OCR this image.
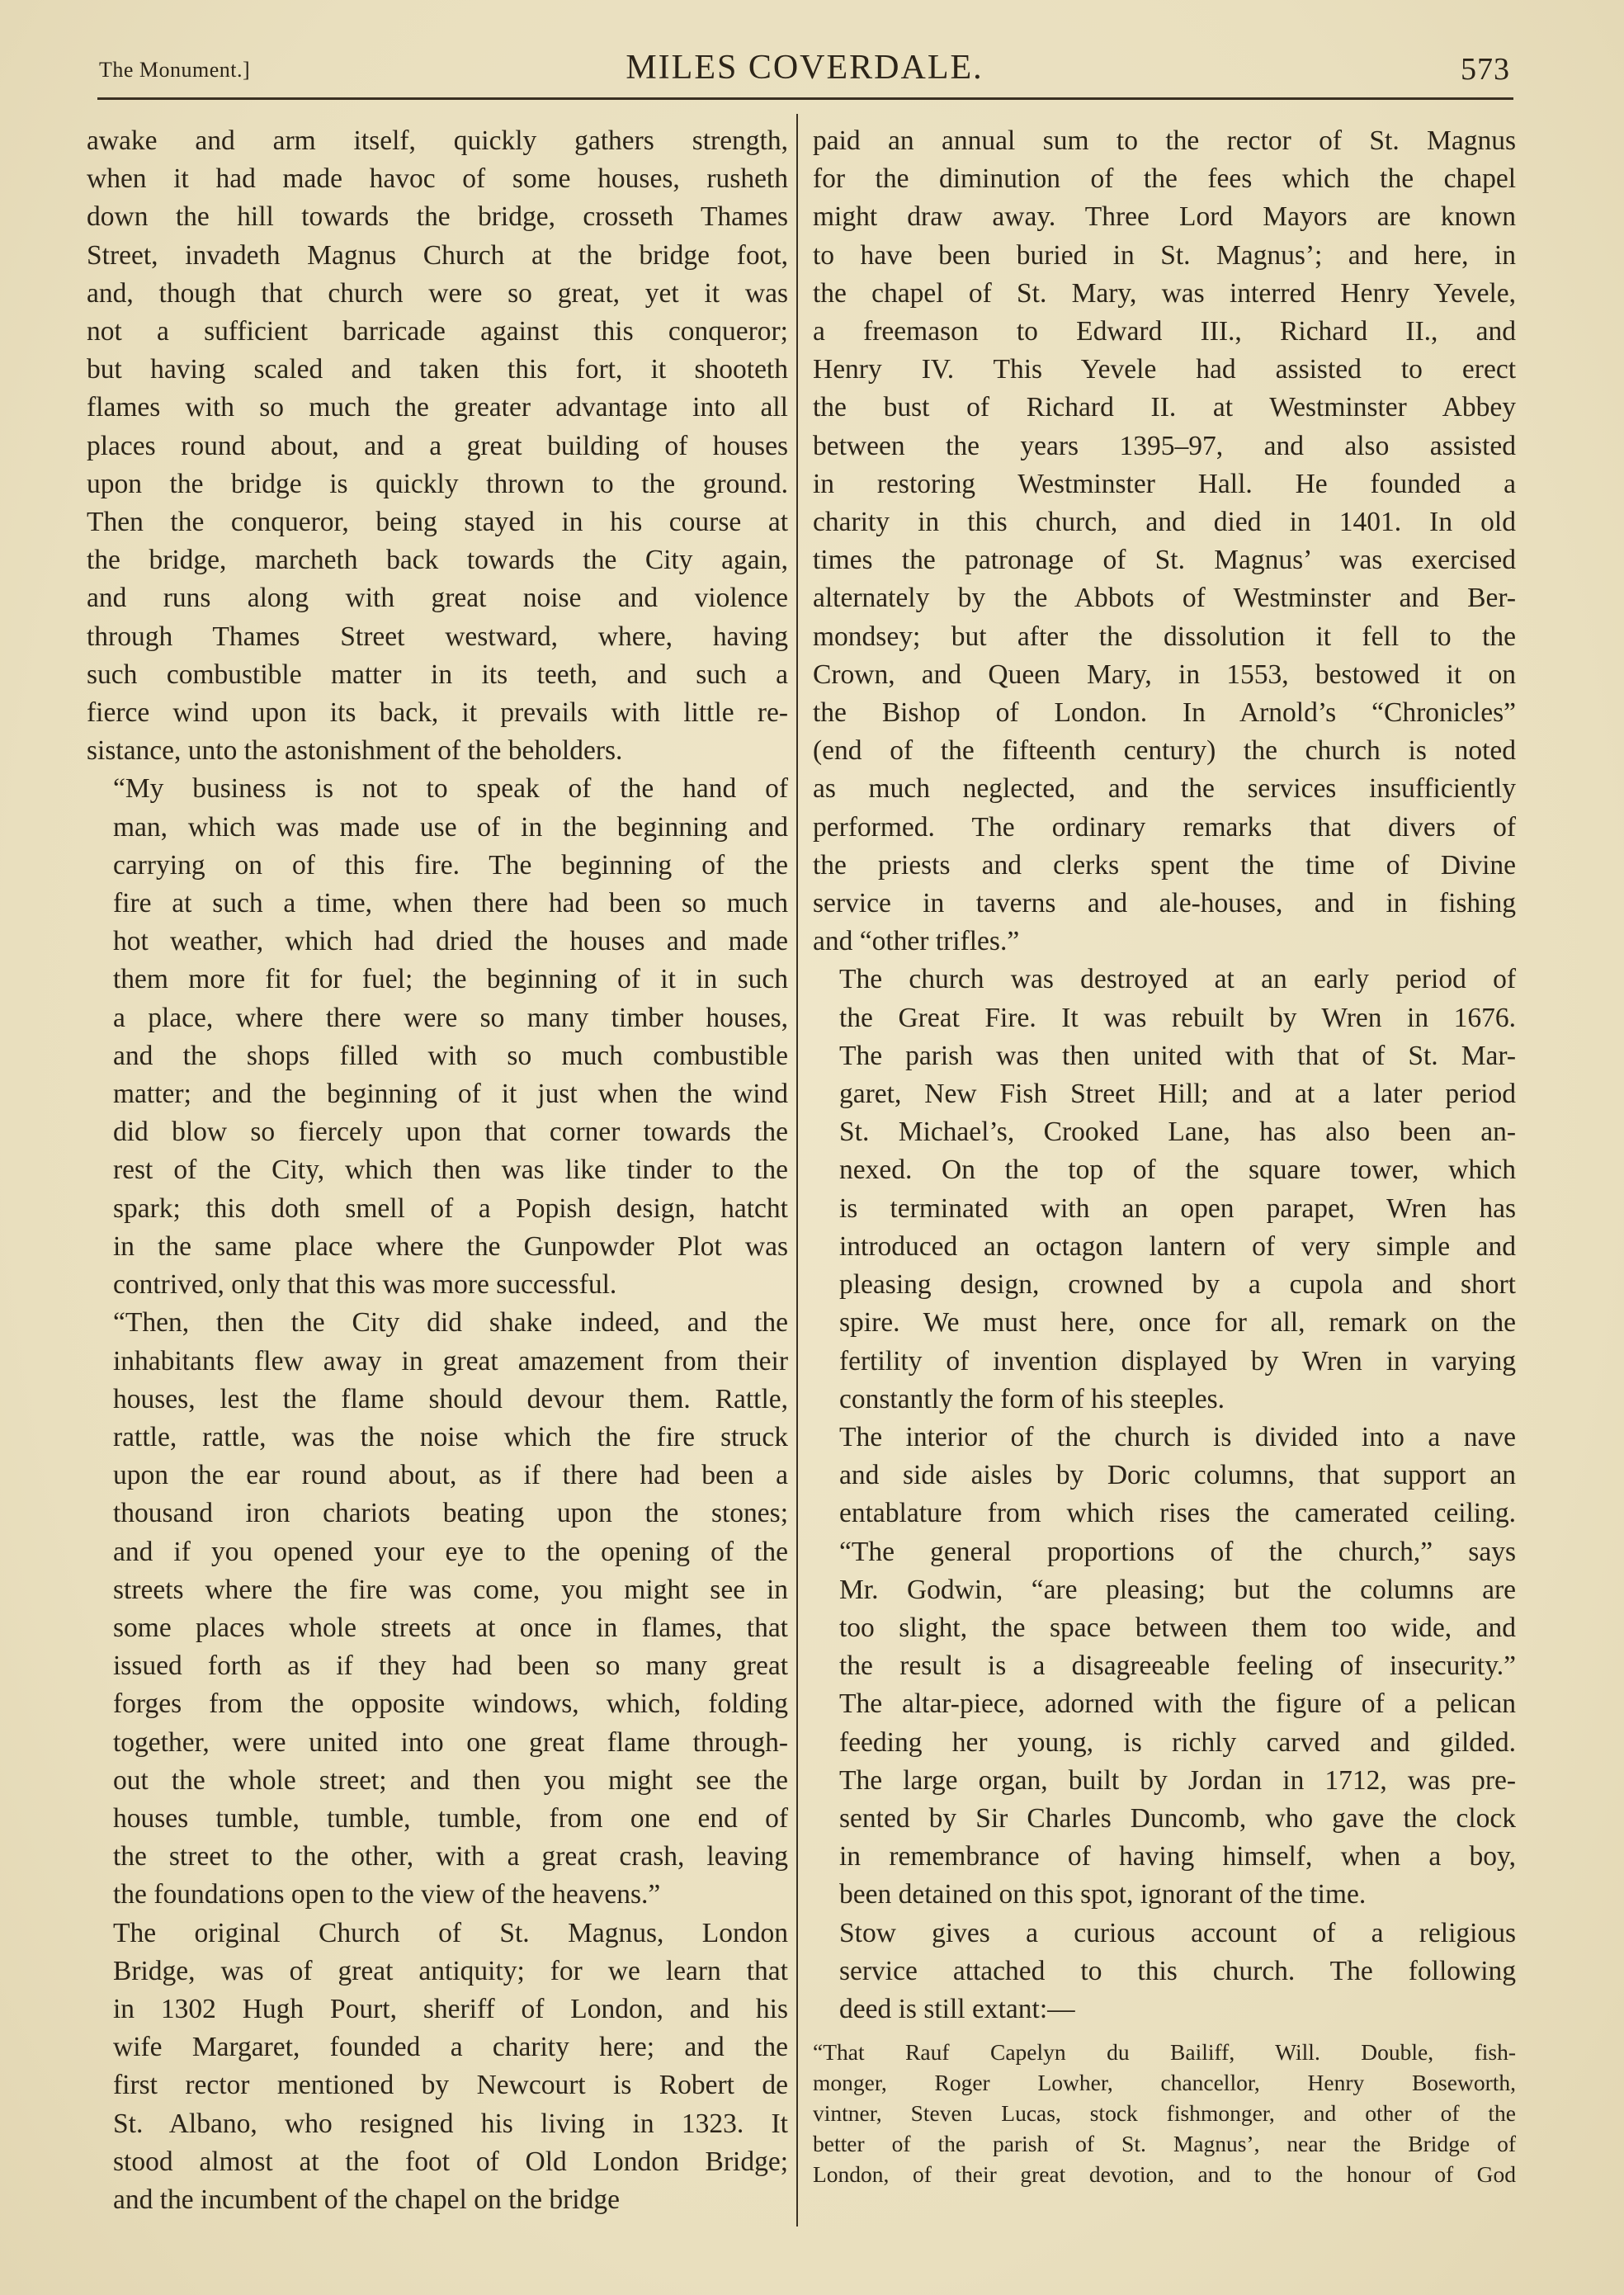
The Monument.]	MILES COVERDALE.	573

awake and arm itself, quickly gathers strength,
when it had made havoc of some houses, rusheth
down the hill towards the bridge, crosseth Thames
Street, invadeth Magnus Church at the bridge foot,
and, though that church were so great, yet it was
not a sufficient barricade against this conqueror;
but having scaled and taken this fort, it shooteth
flames with so much the greater advantage into all
places round about, and a great building of houses
upon the bridge is quickly thrown to the ground.
Then the conqueror, being stayed in his course at
the bridge, marcheth back towards the City again,
and runs along with great noise and violence
through Thames Street westward, where, having
such combustible matter in its teeth, and such a
fierce wind upon its back, it prevails with little re-
sistance, unto the astonishment of the beholders.

“My business is not to speak of the hand of
man, which was made use of in the beginning and
carrying on of this fire. The beginning of the
fire at such a time, when there had been so much
hot weather, which had dried the houses and made
them more fit for fuel; the beginning of it in such
a place, where there were so many timber houses,
and the shops filled with so much combustible
matter; and the beginning of it just when the wind
did blow so fiercely upon that corner towards the
rest of the City, which then was like tinder to the
spark; this doth smell of a Popish design, hatcht
in the same place where the Gunpowder Plot was
contrived, only that this was more successful.

“Then, then the City did shake indeed, and the
inhabitants flew away in great amazement from their
houses, lest the flame should devour them. Rattle,
rattle, rattle, was the noise which the fire struck
upon the ear round about, as if there had been a
thousand iron chariots beating upon the stones;
and if you opened your eye to the opening of the
streets where the fire was come, you might see in
some places whole streets at once in flames, that
issued forth as if they had been so many great
forges from the opposite windows, which, folding
together, were united into one great flame through-
out the whole street; and then you might see the
houses tumble, tumble, tumble, from one end of
the street to the other, with a great crash, leaving
the foundations open to the view of the heavens.”

The original Church of St. Magnus, London
Bridge, was of great antiquity; for we learn that
in 1302 Hugh Pourt, sheriff of London, and his
wife Margaret, founded a charity here; and the
first rector mentioned by Newcourt is Robert de
St. Albano, who resigned his living in 1323. It
stood almost at the foot of Old London Bridge;
and the incumbent of the chapel on the bridge

paid an annual sum to the rector of St. Magnus
for the diminution of the fees which the chapel
might draw away. Three Lord Mayors are known
to have been buried in St. Magnus’; and here, in
the chapel of St. Mary, was interred Henry Yevele,
a freemason to Edward III., Richard II., and
Henry IV. This Yevele had assisted to erect
the bust of Richard II. at Westminster Abbey
between the years 1395–97, and also assisted
in restoring Westminster Hall. He founded a
charity in this church, and died in 1401. In old
times the patronage of St. Magnus’ was exercised
alternately by the Abbots of Westminster and Ber-
mondsey; but after the dissolution it fell to the
Crown, and Queen Mary, in 1553, bestowed it on
the Bishop of London. In Arnold’s “Chronicles”
(end of the fifteenth century) the church is noted
as much neglected, and the services insufficiently
performed. The ordinary remarks that divers of
the priests and clerks spent the time of Divine
service in taverns and ale-houses, and in fishing
and “other trifles.”

The church was destroyed at an early period of
the Great Fire. It was rebuilt by Wren in 1676.
The parish was then united with that of St. Mar-
garet, New Fish Street Hill; and at a later period
St. Michael’s, Crooked Lane, has also been an-
nexed. On the top of the square tower, which
is terminated with an open parapet, Wren has
introduced an octagon lantern of very simple and
pleasing design, crowned by a cupola and short
spire. We must here, once for all, remark on the
fertility of invention displayed by Wren in varying
constantly the form of his steeples.

The interior of the church is divided into a nave
and side aisles by Doric columns, that support an
entablature from which rises the camerated ceiling.
“The general proportions of the church,” says
Mr. Godwin, “are pleasing; but the columns are
too slight, the space between them too wide, and
the result is a disagreeable feeling of insecurity.”
The altar-piece, adorned with the figure of a pelican
feeding her young, is richly carved and gilded.
The large organ, built by Jordan in 1712, was pre-
sented by Sir Charles Duncomb, who gave the clock
in remembrance of having himself, when a boy,
been detained on this spot, ignorant of the time.

Stow gives a curious account of a religious
service attached to this church. The following
deed is still extant:—

“That Rauf Capelyn du Bailiff, Will. Double, fish-
monger, Roger Lowher, chancellor, Henry Boseworth,
vintner, Steven Lucas, stock fishmonger, and other of the
better of the parish of St. Magnus’, near the Bridge of
London, of their great devotion, and to the honour of God
